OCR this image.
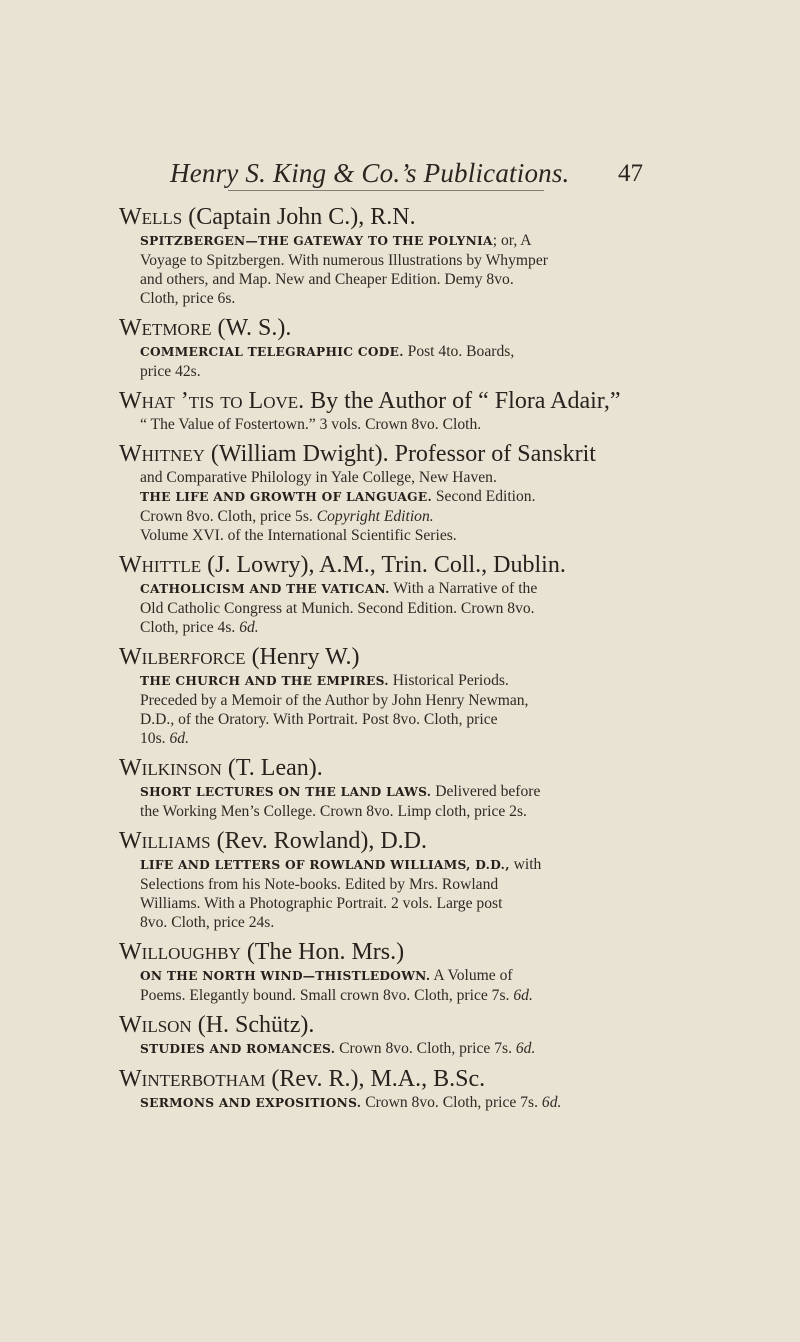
Henry S. King & Co.’s Publications.	47
Wells (Captain John C.), R.N.
SPITZBERGEN—THE GATEWAY TO THE POLYNIA; or, A
Voyage to Spitzbergen. With numerous Illustrations by Whymper
and others, and Map. New and Cheaper Edition. Demy 8vo.
Cloth, price 6s.
Wetmore (W. S.).
COMMERCIAL TELEGRAPHIC CODE. Post 4to. Boards,
price 42s.
What ’tis to Love. By the Author of “ Flora Adair,”
“ The Value of Fostertown.” 3 vols. Crown 8vo. Cloth.
Whitney (William Dwight). Professor of Sanskrit
and Comparative Philology in Yale College, New Haven.
THE LIFE AND GROWTH OF LANGUAGE. Second Edition.
Crown 8vo. Cloth, price 5s. Copyright Edition.
Volume XVI. of the International Scientific Series.
Whittle (J. Lowry), A.M., Trin. Coll., Dublin.
CATHOLICISM AND THE VATICAN. With a Narrative of the
Old Catholic Congress at Munich. Second Edition. Crown 8vo.
Cloth, price 4s. 6d.
Wilberforce (Henry W.)
THE CHURCH AND THE EMPIRES. Historical Periods.
Preceded by a Memoir of the Author by John Henry Newman,
D.D., of the Oratory. With Portrait. Post 8vo. Cloth, price
10s. 6d.
Wilkinson (T. Lean).
SHORT LECTURES ON THE LAND LAWS. Delivered before
the Working Men’s College. Crown 8vo. Limp cloth, price 2s.
Williams (Rev. Rowland), D.D.
LIFE AND LETTERS OF ROWLAND WILLIAMS, D.D., with
Selections from his Note-books. Edited by Mrs. Rowland
Williams. With a Photographic Portrait. 2 vols. Large post
8vo. Cloth, price 24s.
Willoughby (The Hon. Mrs.)
ON THE NORTH WIND—THISTLEDOWN. A Volume of
Poems. Elegantly bound. Small crown 8vo. Cloth, price 7s. 6d.
Wilson (H. Schütz).
STUDIES AND ROMANCES. Crown 8vo. Cloth, price 7s. 6d.
Winterbotham (Rev. R.), M.A., B.Sc.
SERMONS AND EXPOSITIONS. Crown 8vo. Cloth, price 7s. 6d.
